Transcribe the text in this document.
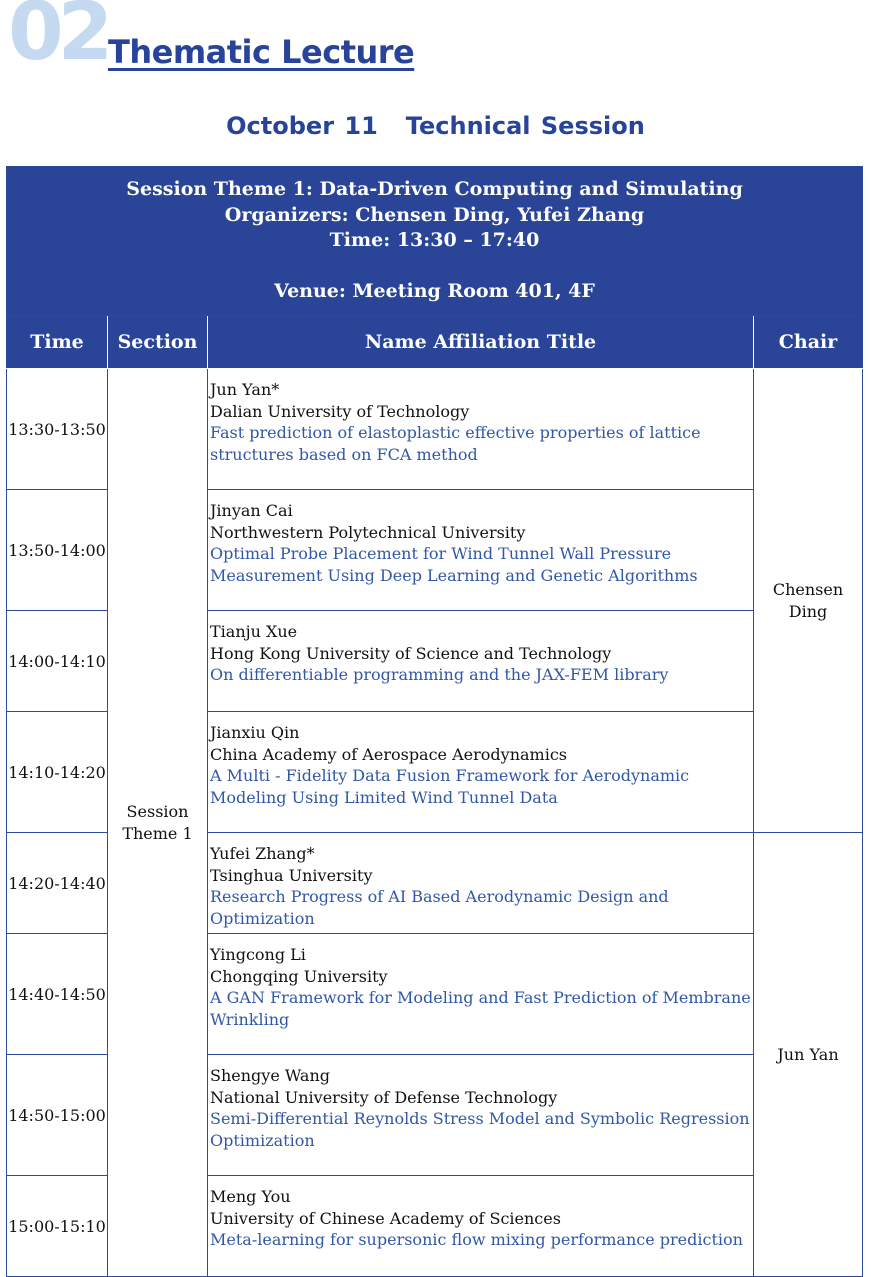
02 Thematic Lecture
October 11 Technical Session
Session Theme 1: Data-Driven Computing and Simulating
Organizers: Chensen Ding, Yufei Zhang
Time: 13:30 – 17:40
Venue: Meeting Room 401, 4F			

Time	Section	Name Affiliation Title	Chair
13:30-13:50	Session Theme 1	Jun Yan*
Dalian University of Technology
Fast prediction of elastoplastic effective properties of lattice structures based on FCA method	Chensen Ding
13:50-14:00		Jinyan Cai
Northwestern Polytechnical University
Optimal Probe Placement for Wind Tunnel Wall Pressure Measurement Using Deep Learning and Genetic Algorithms	

14:00-14:10		Tianju Xue
Hong Kong University of Science and Technology
On differentiable programming and the JAX-FEM library	

14:10-14:20		Jianxiu Qin
China Academy of Aerospace Aerodynamics
A Multi - Fidelity Data Fusion Framework for Aerodynamic Modeling Using Limited Wind Tunnel Data	

14:20-14:40		Yufei Zhang*
Tsinghua University
Research Progress of AI Based Aerodynamic Design and Optimization	Jun Yan
14:40-14:50		Yingcong Li
Chongqing University
A GAN Framework for Modeling and Fast Prediction of Membrane Wrinkling	

14:50-15:00		Shengye Wang
National University of Defense Technology
Semi-Differential Reynolds Stress Model and Symbolic Regression Optimization	

15:00-15:10		Meng You
University of Chinese Academy of Sciences
Meta-learning for supersonic flow mixing performance prediction	
